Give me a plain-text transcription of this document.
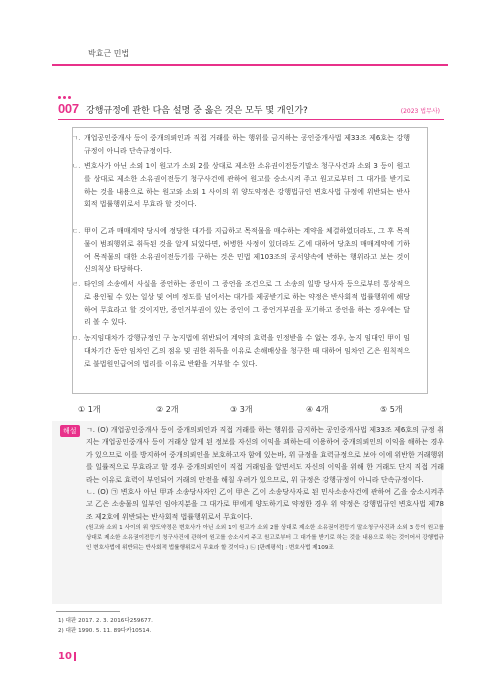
박효근 민법
007 강행규정에 관한 다음 설명 중 옳은 것은 모두 몇 개인가?	(2023 법무사)
ㄱ. 개업공인중개사 등이 중개의뢰인과 직접 거래를 하는 행위를 금지하는 공인중개사법 제33조 제6호는 강행규정이 아니라 단속규정이다.
ㄴ. 변호사가 아닌 소외 1이 원고가 소외 2를 상대로 제소한 소유권이전등기말소 청구사건과 소외 3 등이 원고를 상대로 제소한 소유권이전등기 청구사건에 관하여 원고를 승소시켜 주고 원고로부터 그 대가를 받기로 하는 것을 내용으로 하는 원고와 소외 1 사이의 위 양도약정은 강행법규인 변호사법 규정에 위반되는 반사회적 법률행위로서 무효라 할 것이다.
ㄷ. 甲이 乙과 매매계약 당시에 정당한 대가를 지급하고 목적물을 매수하는 계약을 체결하였더라도, 그 후 목적물이 범죄행위로 취득된 것을 알게 되었다면, 허병한 사정이 있더라도 乙에 대하여 당초의 매매계약에 기하여 목적물의 대한 소유권이전등기를 구하는 것은 민법 제103조의 공서양속에 반하는 행위라고 보는 것이 신의칙상 타당하다.
ㄹ. 타인의 소송에서 사실을 증언하는 증인이 그 증언을 조건으로 그 소송의 일방 당사자 등으로부터 통상적으로 용인될 수 있는 일상 및 여비 정도를 넘어서는 대가를 제공받기로 하는 약정은 반사회적 법률행위에 해당하여 무효라고 할 것이지만, 증인거부권이 있는 증인이 그 증언거부권을 포기하고 증언을 하는 경우에는 달리 볼 수 있다.
ㅁ. 농지임대차가 강행규정인 구 농지법에 위반되어 계약의 효력을 인정받을 수 없는 경우, 농지 임대인 甲이 임대차기간 동안 임차인 乙의 점유 및 권한 취득을 이유로 손해배상을 청구한 때 대하여 임차인 乙은 원칙적으로 불법원인급여의 법리를 이유로 반환을 거부할 수 있다.
① 1개	② 2개	③ 3개	④ 4개	⑤ 5개
해설	ㄱ. (O) 개업공인중개사 등이 중개의뢰인과 직접 거래를 하는 행위를 금지하는 공인중개사법 제33조 제6호의 규정 취지는 개업공인중개사 등이 거래상 알게 된 정보를 자신의 이익을 꾀하는데 이용하여 중개의뢰인의 이익을 해하는 경우가 있으므로 이를 방지하여 중개의뢰인을 보호하고자 함에 있는바, 위 규정을 효력규정으로 보아 이에 위반한 거래행위를 일률적으로 무효라고 할 경우 중개의뢰인이 직접 거래임을 알면서도 자신의 이익을 위해 한 거래도 단지 직접 거래라는 이유로 효력이 부인되어 거래의 안전을 해칠 우려가 있으므로, 위 규정은 강행규정이 아니라 단속규정이다.
ㄴ. (O) ㉠ 변호사 아닌 甲과 소송당사자인 乙이 甲은 乙이 소송당사자로 된 민사소송사건에 관하여 乙을 승소시켜주고 乙은 소송물의 일부인 임야지분을 그 대가로 甲에게 양도하기로 약정한 경우 위 약정은 강행법규인 변호사법 제78조 제2호에 위반되는 반사회적 법률행위로서 무효이다.
(원고와 소외 1 사이의 위 양도약정은 변호사가 아닌 소외 1이 원고가 소외 2를 상대로 제소한 소유권이전등기 말소청구사건과 소외 3 등이 원고를 상대로 제소한 소유권이전등기 청구사건에 관하여 원고를 승소시켜 주고 원고로부터 그 대가를 받기로 하는 것을 내용으로 하는 것이어서 강행법규인 변호사법에 위반되는 반사회적 법률행위로서 무효라 할 것이다.) ㉡ [판례평석] : 변호사법 제109조
1) 대판 2017. 2. 3. 2016다259677.
2) 대판 1990. 5. 11. 89다카10514.
10
